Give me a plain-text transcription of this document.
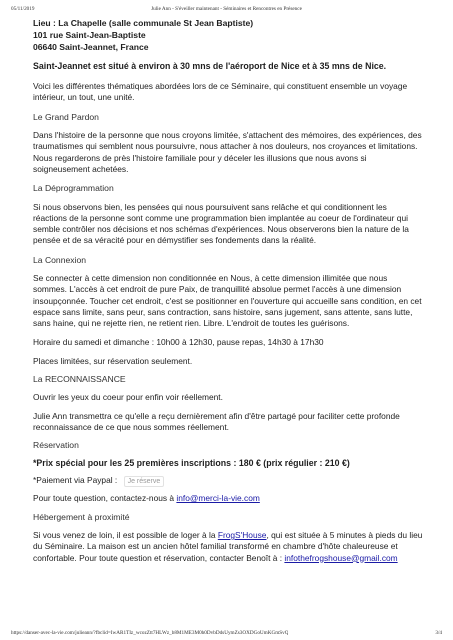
05/11/2019	Julie Ann - S'éveiller maintenant - Séminaires et Rencontres en Présence

Lieu : La Chapelle (salle communale St Jean Baptiste)

101 rue Saint-Jean-Baptiste

06640 Saint-Jeannet, France

Saint-Jeannet est situé à environ à 30 mns de l'aéroport de Nice et à 35 mns de Nice.

Voici les différentes thématiques abordées lors de ce Séminaire, qui constituent ensemble un voyage intérieur, un tout, une unité.

Le Grand Pardon

Dans l'histoire de la personne que nous croyons limitée, s'attachent des mémoires, des expériences, des traumatismes qui semblent nous poursuivre, nous attacher à nos douleurs, nos croyances et limitations. Nous regarderons de près l'histoire familiale pour y déceler les illusions que nous avons si soigneusement achetées.

La Déprogrammation

Si nous observons bien, les pensées qui nous poursuivent sans relâche et qui conditionnent les réactions de la personne sont comme une programmation bien implantée au coeur de l'ordinateur qui semble contrôler nos décisions et nos schémas d'expériences. Nous observerons bien la nature de la pensée et de sa véracité pour en démystifier ses fondements dans la réalité.

La Connexion

Se connecter à cette dimension non conditionnée en Nous, à cette dimension illimitée que nous sommes. L'accès à cet endroit de pure Paix, de tranquillité absolue permet l'accès à une dimension insoupçonnée. Toucher cet endroit, c'est se positionner en l'ouverture qui accueille sans condition, en cet espace sans limite, sans peur, sans contraction, sans histoire, sans jugement, sans attente, sans lutte, sans haine, qui ne rejette rien, ne retient rien. Libre. L'endroit de toutes les guérisons.

Horaire du samedi et dimanche : 10h00 à 12h30, pause repas, 14h30 à 17h30

Places limitées, sur réservation seulement.

La RECONNAISSANCE

Ouvrir les yeux du coeur pour enfin voir réellement.

Julie Ann transmettra ce qu'elle a reçu dernièrement afin d'être partagé pour faciliter cette profonde reconnaissance de ce que nous sommes réellement.

Réservation

*Prix spécial pour les 25 premières inscriptions : 180 € (prix régulier : 210 €)

*Paiement via Paypal : Je réserve

Pour toute question, contactez-nous à info@merci-la-vie.com

Hébergement à proximité

Si vous venez de loin, il est possible de loger à la FrogS'House, qui est située à 5 minutes à pieds du lieu du Séminaire. La maison est un ancien hôtel familial transformé en chambre d'hôte chaleureuse et confortable. Pour toute question et réservation, contacter Benoît à : infothefrogshouse@gmail.com

https://danser-avec-la-vie.com/julieann/?fbclid=IwAR1TIz_wcozZtt7HLWz_b8M1ME3M0h0DvbDdsUymZs3OXDGoUmKGmSvQ	3/4
